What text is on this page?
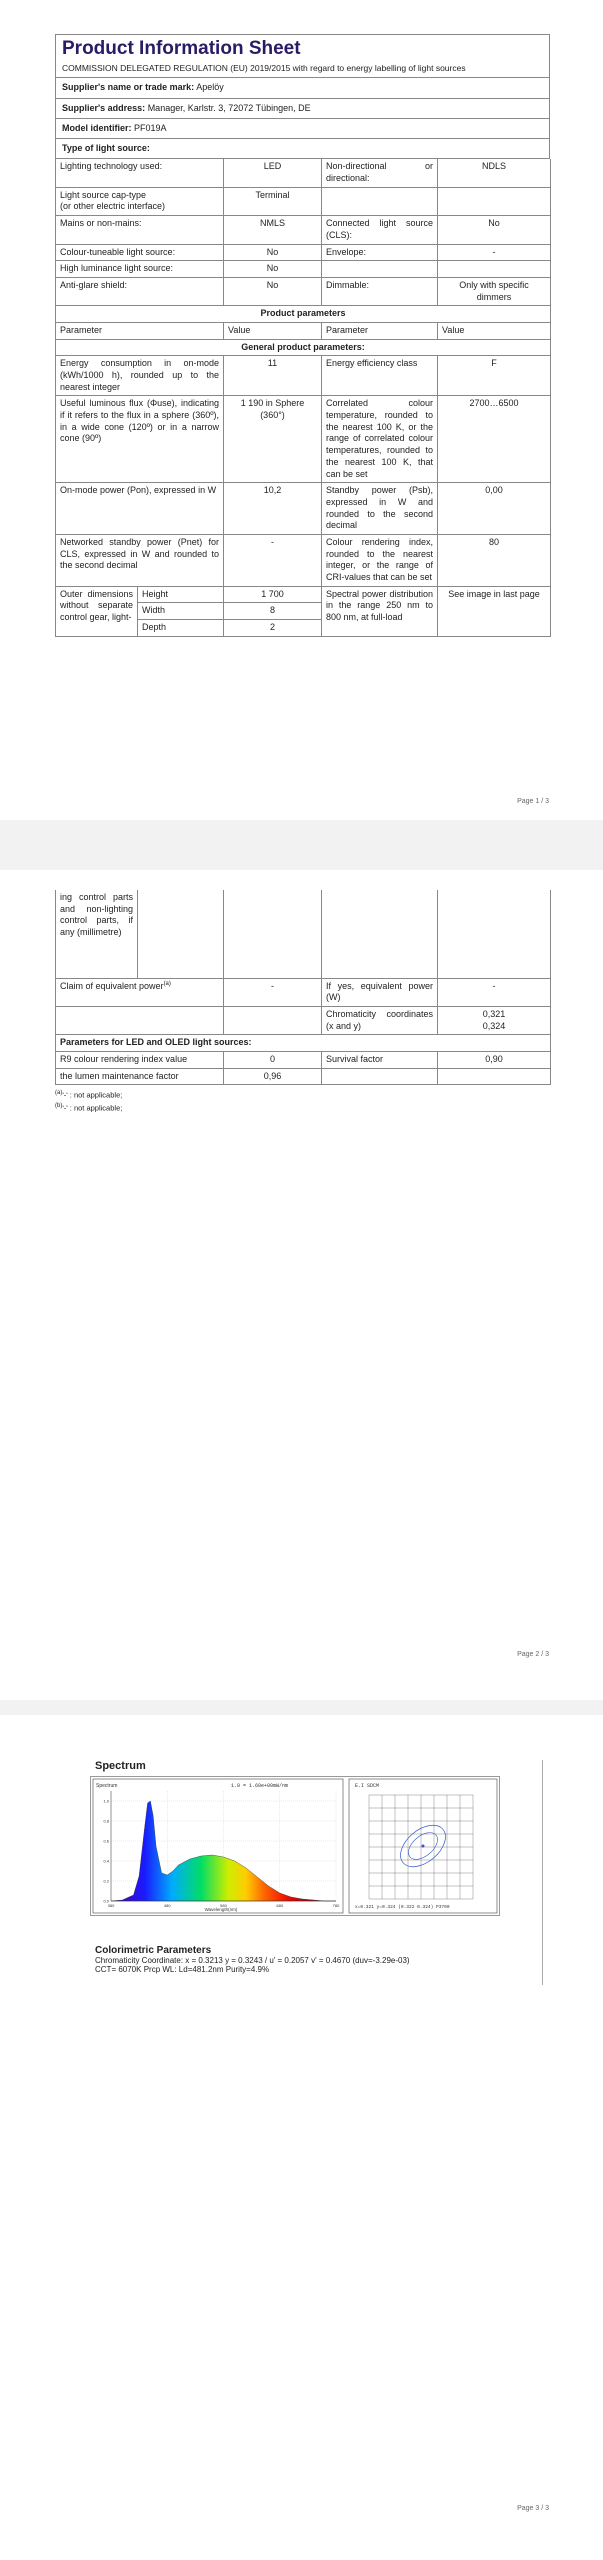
Product Information Sheet
COMMISSION DELEGATED REGULATION (EU) 2019/2015 with regard to energy labelling of light sources
Supplier's name or trade mark: Apelöy
Supplier's address: Manager, Karlstr. 3, 72072 Tübingen, DE
Model identifier: PF019A
Type of light source:
Lighting technology used:	LED	Non-directional or directional:	NDLS
Light source cap-type
(or other electric interface)	Terminal		
Mains or non-mains:	NMLS	Connected light source (CLS):	No
Colour-tuneable light source:	No	Envelope:	-
High luminance light source:	No		
Anti-glare shield:	No	Dimmable:	Only with specific dimmers
Product parameters			
Parameter	Value	Parameter	Value
General product parameters:			
Energy consumption in on-mode (kWh/1000 h), rounded up to the nearest integer	11	Energy efficiency class	F
Useful luminous flux (Φuse), indicating if it refers to the flux in a sphere (360º), in a wide cone (120º) or in a narrow cone (90º)	1 190 in Sphere (360°)	Correlated colour temperature, rounded to the nearest 100 K, or the range of correlated colour temperatures, rounded to the nearest 100 K, that can be set	2700…6500
On-mode power (Pon), expressed in W	10,2	Standby power (Psb), expressed in W and rounded to the second decimal	0,00
Networked standby power (Pnet) for CLS, expressed in W and rounded to the second decimal	-	Colour rendering index, rounded to the nearest integer, or the range of CRI-values that can be set	80
Outer dimensions without separate control gear, light-	Height	1 700	Spectral power distribution in the range 250 nm to 800 nm, at full-load	See image in last page
	Width	8		
	Depth	2		
Page 1 / 3
ing control parts and non-lighting control parts, if any (millimetre)				
Claim of equivalent power$^{(a)}$	-	If yes, equivalent power (W)	-
		Chromaticity coordinates (x and y)	0,321
0,324

Parameters for LED and OLED light sources:			
R9 colour rendering index value	0	Survival factor	0,90
the lumen maintenance factor	0,96		
$^{(a)}$'-' : not applicable;
$^{(b)}$'-' : not applicable;
Page 2 / 3
Spectrum
0.0
0.2
0.4
0.6
0.8
1.0
380	480	580	680	780
Spectrum	1.0 = 1.60e+00mW/nm
Wavelength(nm)
E.I SDCM
x=0.321 y=0.324 (0.322 0.324) P3700
Colorimetric Parameters
Chromaticity Coordinate: x = 0.3213 y = 0.3243 / u' = 0.2057 v' = 0.4670 (duv=-3.29e-03)
CCT= 6070K Prcp WL: Ld=481.2nm Purity=4.9%
Page 3 / 3
